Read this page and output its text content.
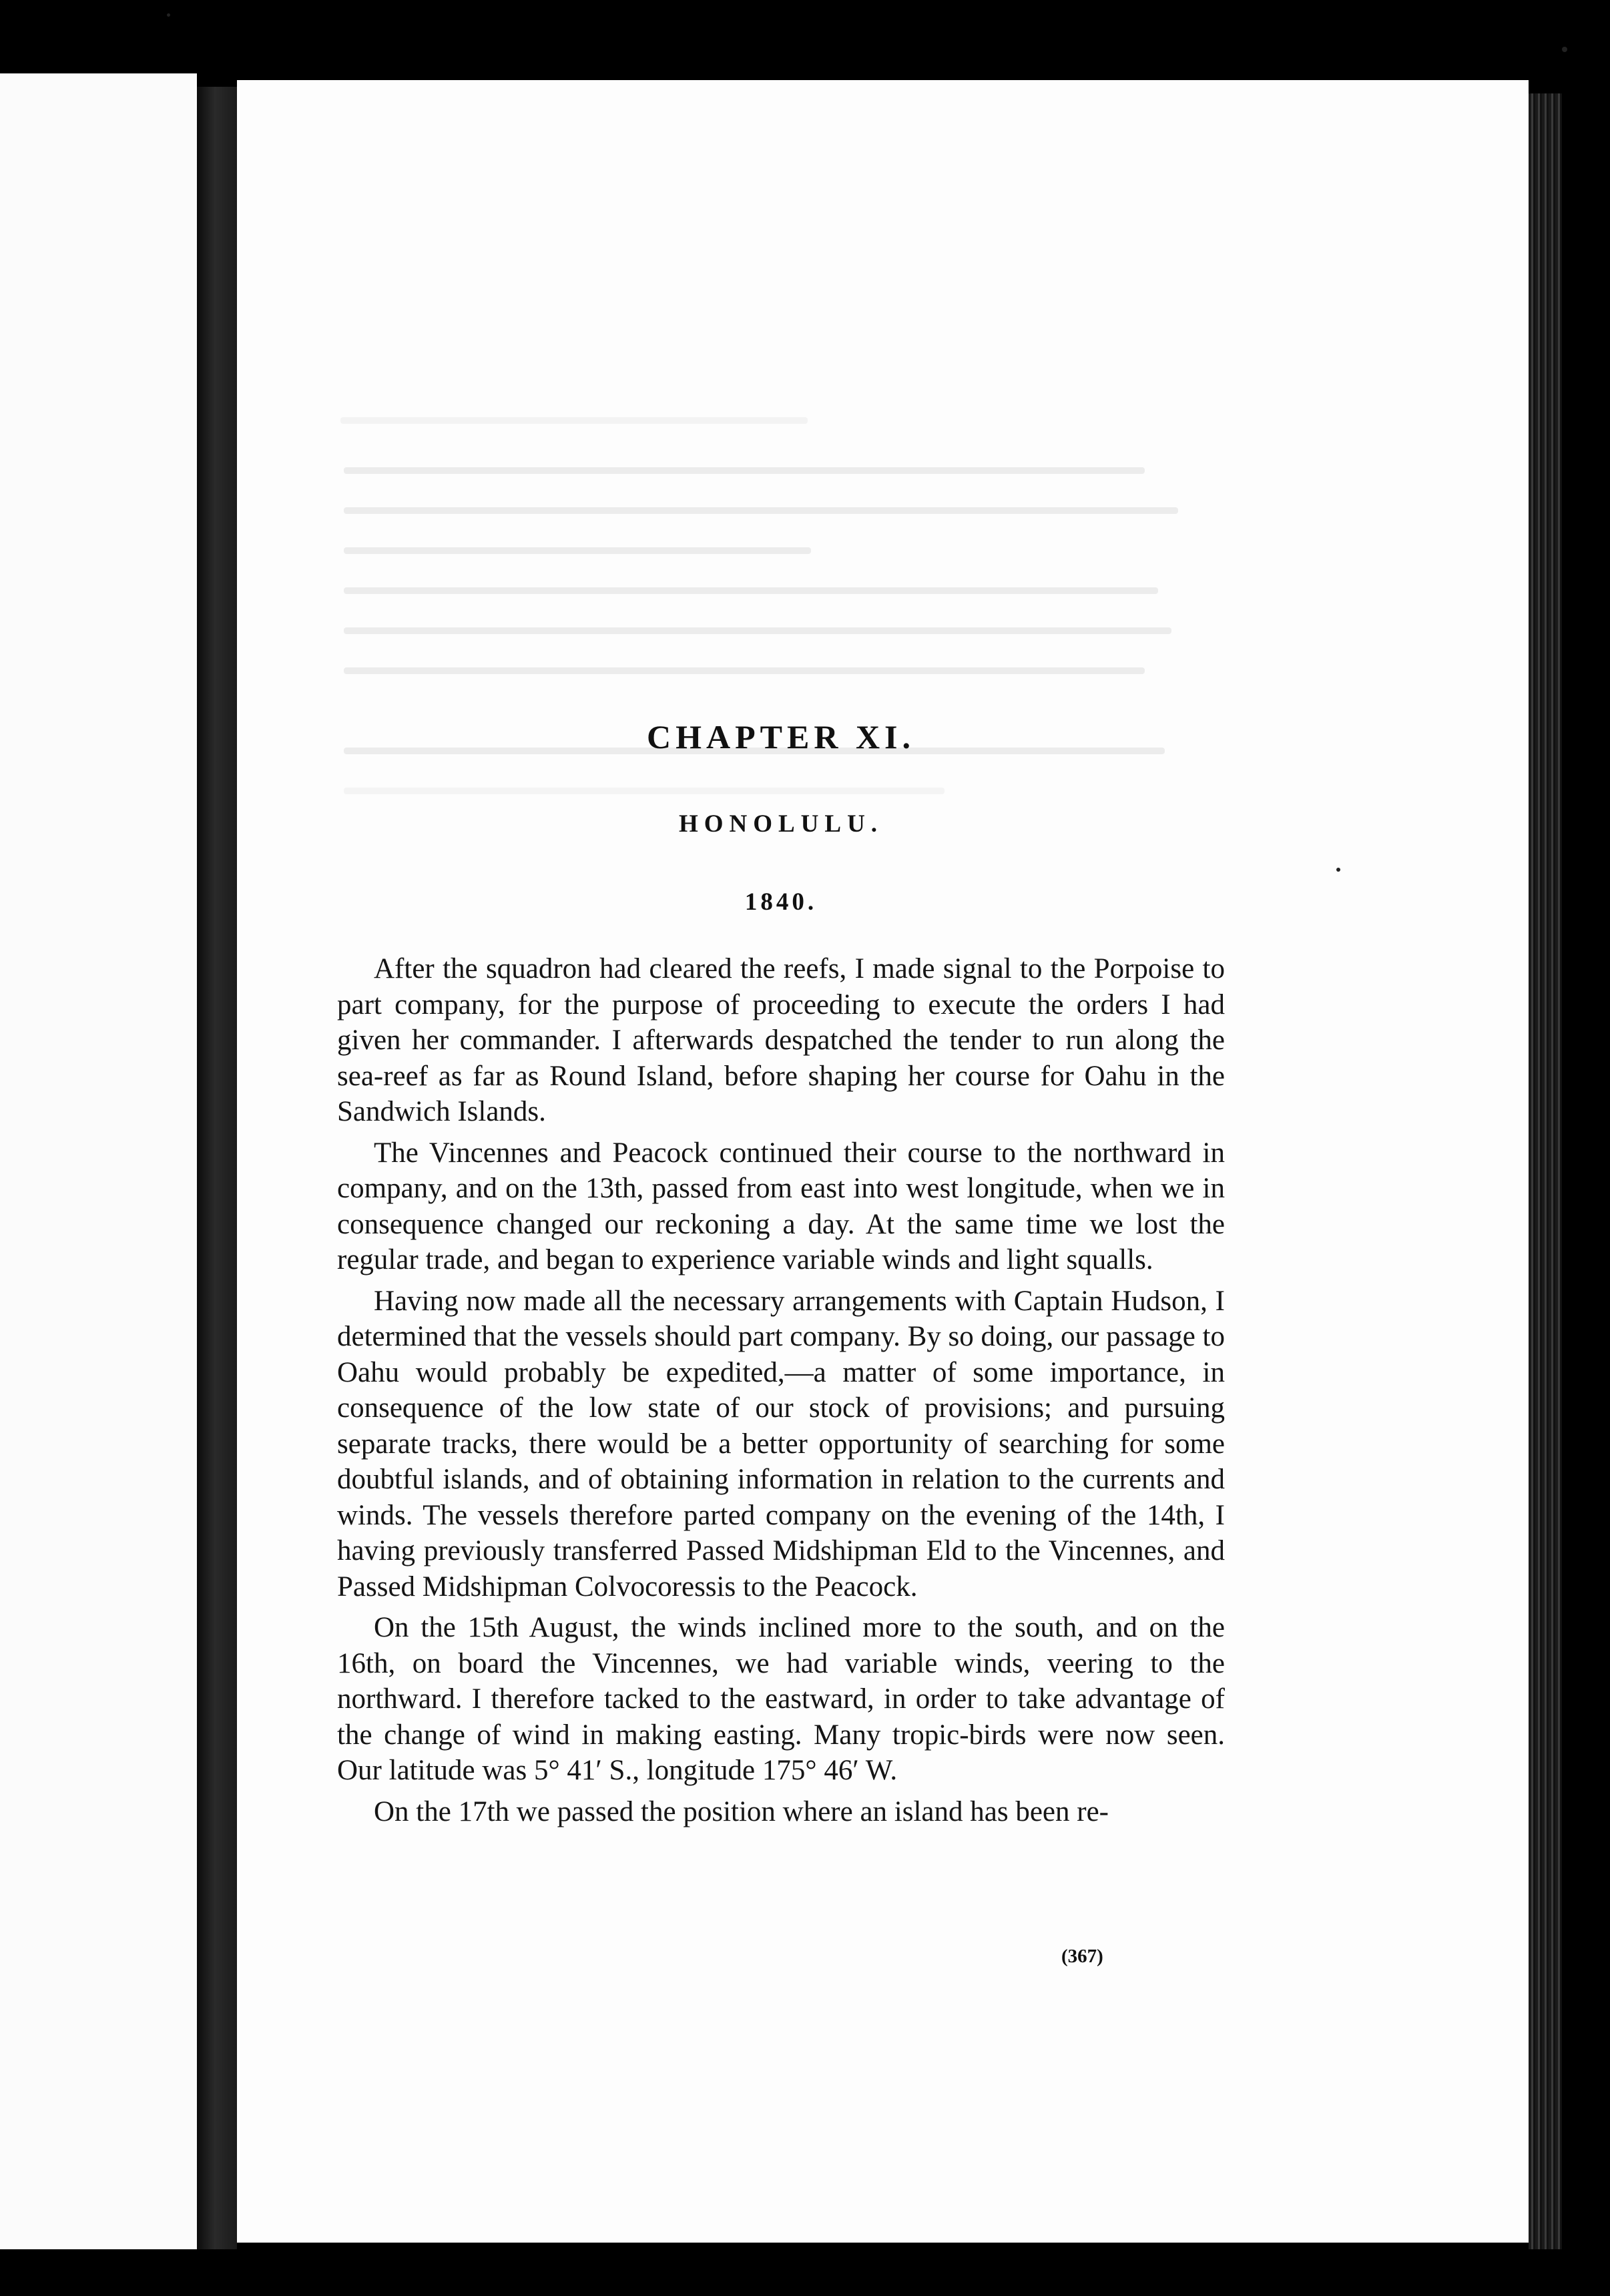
CHAPTER XI.
HONOLULU.
1840.

After the squadron had cleared the reefs, I made signal to the Porpoise to part company, for the purpose of proceeding to execute the orders I had given her commander. I afterwards despatched the tender to run along the sea-reef as far as Round Island, before shaping her course for Oahu in the Sandwich Islands.

The Vincennes and Peacock continued their course to the northward in company, and on the 13th, passed from east into west longitude, when we in consequence changed our reckoning a day. At the same time we lost the regular trade, and began to experience variable winds and light squalls.

Having now made all the necessary arrangements with Captain Hudson, I determined that the vessels should part company. By so doing, our passage to Oahu would probably be expedited,—a matter of some importance, in consequence of the low state of our stock of provisions; and pursuing separate tracks, there would be a better opportunity of searching for some doubtful islands, and of obtaining information in relation to the currents and winds. The vessels therefore parted company on the evening of the 14th, I having previously transferred Passed Midshipman Eld to the Vincennes, and Passed Midshipman Colvocoressis to the Peacock.

On the 15th August, the winds inclined more to the south, and on the 16th, on board the Vincennes, we had variable winds, veering to the northward. I therefore tacked to the eastward, in order to take advantage of the change of wind in making easting. Many tropic-birds were now seen. Our latitude was 5° 41′ S., longitude 175° 46′ W.

On the 17th we passed the position where an island has been re-

(367)
